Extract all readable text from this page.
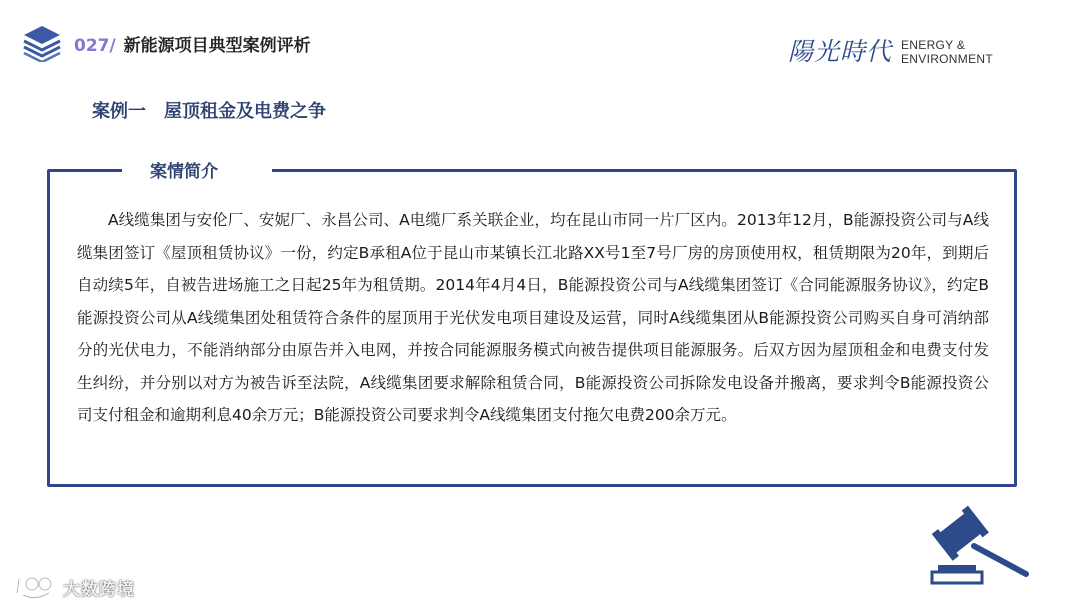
027/ 新能源项目典型案例评析	陽光時代 ENERGY &
ENVIRONMENT
案例一 屋顶租金及电费之争
案情简介
A线缆集团与安伦厂、安妮厂、永昌公司、A电缆厂系关联企业，均在昆山市同一片厂区内。2013年12月，B能源投资公司与A线缆集团签订《屋顶租赁协议》一份，约定B承租A位于昆山市某镇长江北路XX号1至7号厂房的房顶使用权，租赁期限为20年，到期后自动续5年，自被告进场施工之日起25年为租赁期。2014年4月4日，B能源投资公司与A线缆集团签订《合同能源服务协议》，约定B能源投资公司从A线缆集团处租赁符合条件的屋顶用于光伏发电项目建设及运营，同时A线缆集团从B能源投资公司购买自身可消纳部分的光伏电力，不能消纳部分由原告并入电网，并按合同能源服务模式向被告提供项目能源服务。后双方因为屋顶租金和电费支付发生纠纷，并分别以对方为被告诉至法院，A线缆集团要求解除租赁合同，B能源投资公司拆除发电设备并搬离，要求判令B能源投资公司支付租金和逾期利息40余万元；B能源投资公司要求判令A线缆集团支付拖欠电费200余万元。
大数跨境
